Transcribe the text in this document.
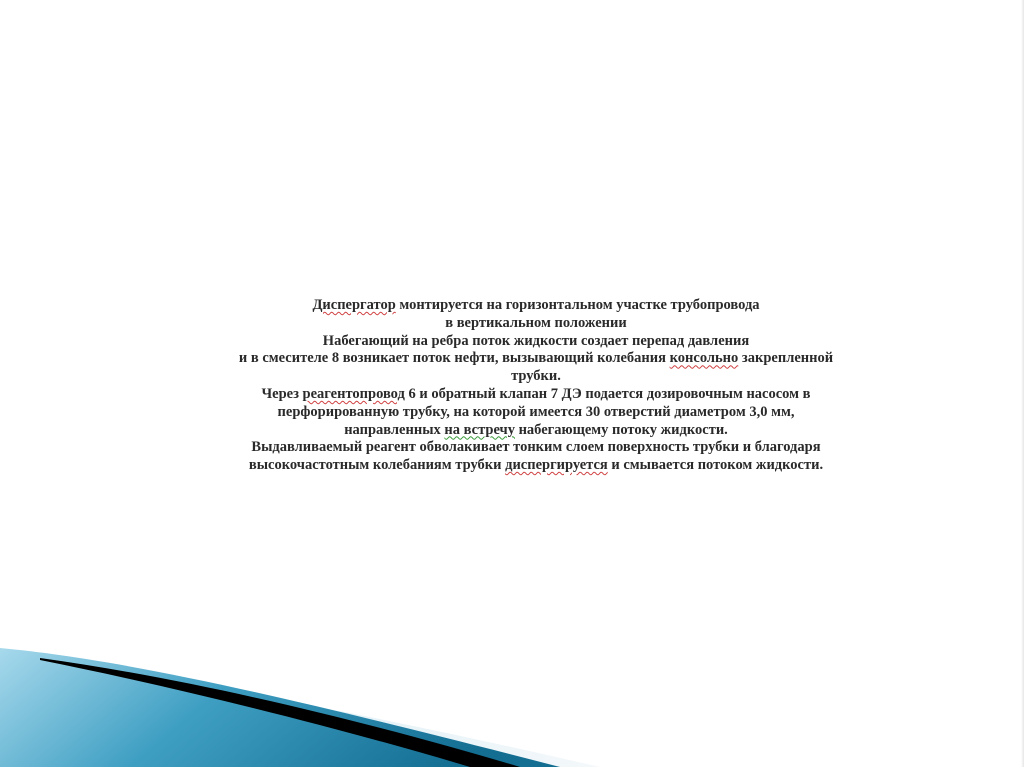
Диспергатор монтируется на горизонтальном участке трубопровода
в вертикальном положении
Набегающий на ребра поток жидкости создает перепад давления
и в смесителе 8 возникает поток нефти, вызывающий колебания консольно закрепленной
трубки.
Через реагентопровод 6 и обратный клапан 7 ДЭ подается дозировочным насосом в
перфорированную трубку, на которой имеется 30 отверстий диаметром 3,0 мм,
направленных на встречу набегающему потоку жидкости.
Выдавливаемый реагент обволакивает тонким слоем поверхность трубки и благодаря
высокочастотным колебаниям трубки диспергируется и смывается потоком жидкости.
